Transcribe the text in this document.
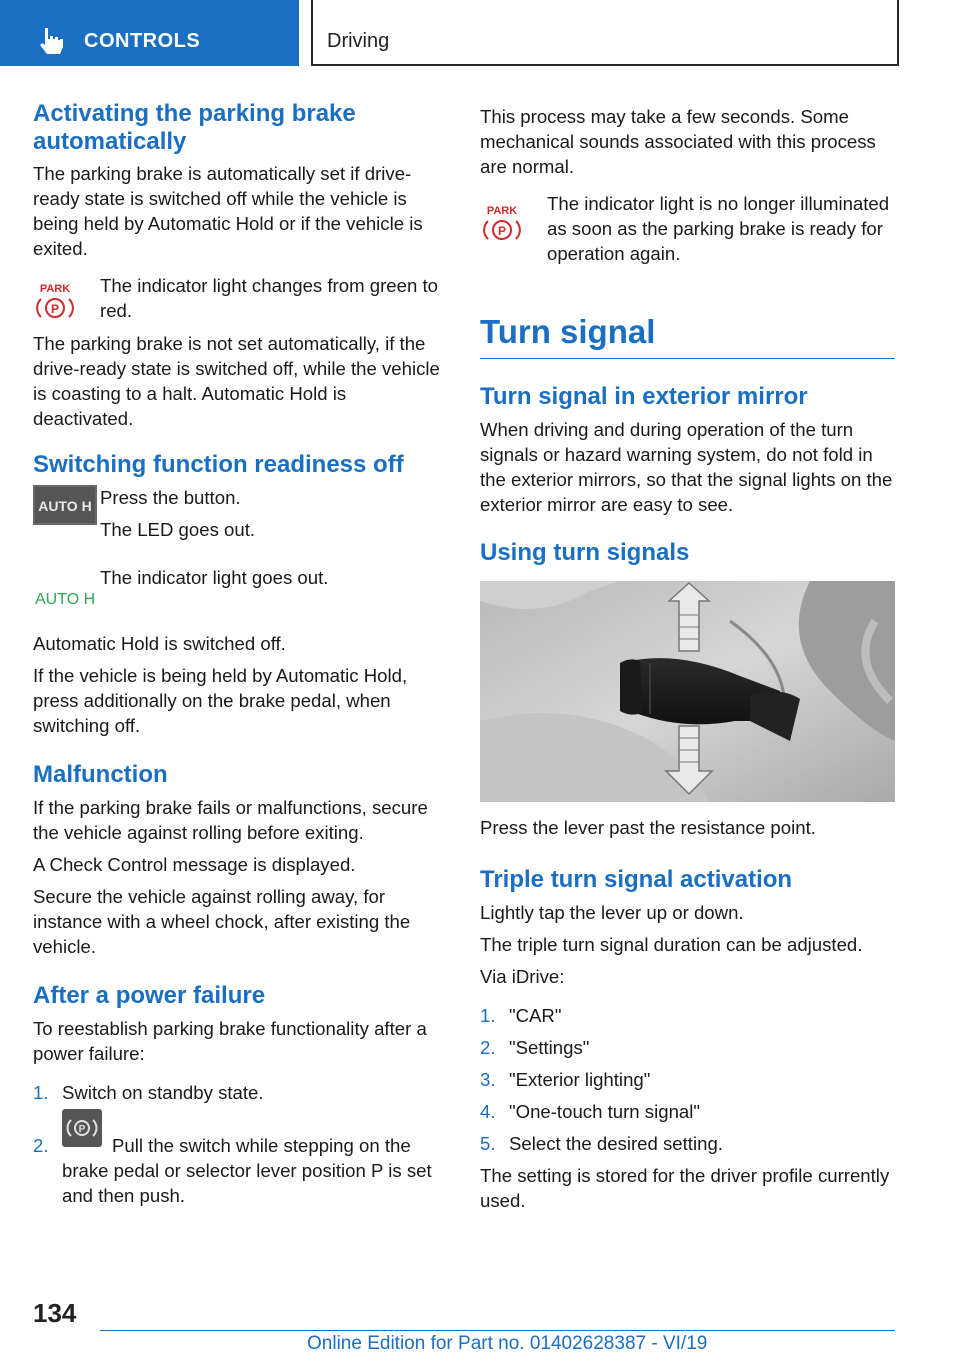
CONTROLS	Driving
Activating the parking brake automatically

The parking brake is automatically set if drive-ready state is switched off while the vehicle is being held by Automatic Hold or if the vehicle is exited.

PARK
P

The indicator light changes from green to red.

The parking brake is not set automatically, if the drive-ready state is switched off, while the vehicle is coasting to a halt. Automatic Hold is deactivated.

Switching function readiness off
AUTO H Press the button.

The LED goes out.

AUTO H

The indicator light goes out.

Automatic Hold is switched off.

If the vehicle is being held by Automatic Hold, press additionally on the brake pedal, when switching off.

Malfunction

If the parking brake fails or malfunctions, secure the vehicle against rolling before exiting.

A Check Control message is displayed.

Secure the vehicle against rolling away, for instance with a wheel chock, after existing the vehicle.

After a power failure

To reestablish parking brake functionality after a power failure:

1. Switch on standby state.
2.
P
Pull the switch while stepping on the brake pedal or selector lever position P is set and then push.

This process may take a few seconds. Some mechanical sounds associated with this process are normal.

PARK
P

The indicator light is no longer illuminated as soon as the parking brake is ready for operation again.

Turn signal
Turn signal in exterior mirror

When driving and during operation of the turn signals or hazard warning system, do not fold in the exterior mirrors, so that the signal lights on the exterior mirror are easy to see.

Using turn signals

Press the lever past the resistance point.

Triple turn signal activation

Lightly tap the lever up or down.

The triple turn signal duration can be adjusted.

Via iDrive:

1. "CAR"
2. "Settings"
3. "Exterior lighting"
4. "One-touch turn signal"
5. Select the desired setting.

The setting is stored for the driver profile currently used.

134
Online Edition for Part no. 01402628387 - VI/19
